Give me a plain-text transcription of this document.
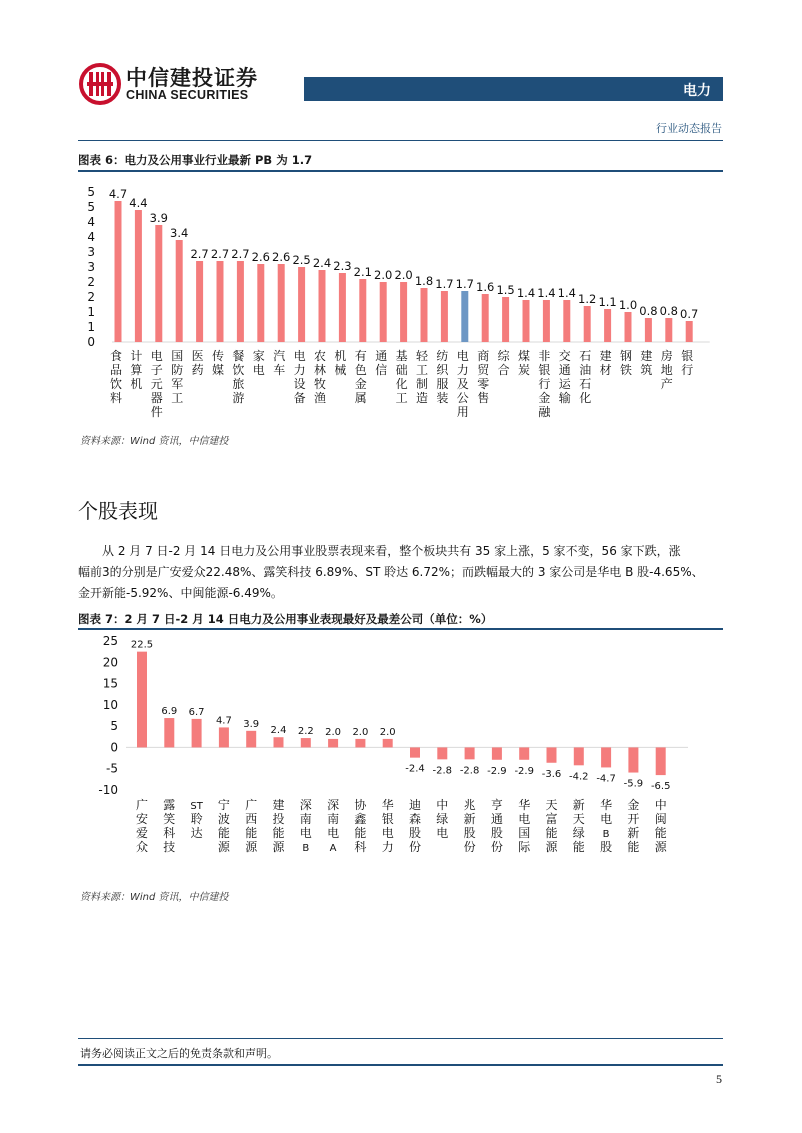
中信建投证券
CHINA SECURITIES	电力
行业动态报告
图表 6：电力及公用事业行业最新 PB 为 1.7
0
1
1
2
2
3
3
4
4
5
5 4.7
食品饮料
4.4
计算机
3.9
电子元器件
3.4
国防军工
2.7
医药
2.7
传媒
2.7
餐饮旅游
2.6
家电
2.6
汽车
2.5
电力设备
2.4
农林牧渔
2.3
机械
2.1
有色金属
2.0
通信
2.0
基础化工
1.8
轻工制造
1.7
纺织服装
1.7
电力及公用
1.6
商贸零售
1.5
综合
1.4
煤炭
1.4
非银行金融
1.4
交通运输
1.2
石油石化
1.1
建材
1.0
钢铁
0.8
建筑
0.8
房地产
0.7
银行
资料来源：Wind 资讯，中信建投
个股表现
从 2 月 7 日-2 月 14 日电力及公用事业股票表现来看，整个板块共有 35 家上涨，5 家不变，56 家下跌，涨
幅前3的分别是广安爱众22.48%、露笑科技 6.89%、ST 聆达 6.72%；而跌幅最大的 3 家公司是华电 B 股-4.65%、
金开新能-5.92%、中闽能源-6.49%。
图表 7：2 月 7 日-2 月 14 日电力及公用事业表现最好及最差公司（单位：%）
-10
-5
0
5
10
15
20
25 22.5
广安爱众
6.9
露笑科技
6.7
ST 聆达
4.7
宁波能源
3.9
广西能源
2.4
建投能源
2.2
深南电 B
2.0
深南电 A
2.0
协鑫能科
2.0
华银电力
-2.4
迪森股份
-2.8
中绿电
-2.8
兆新股份
-2.9
亨通股份
-2.9
华电国际
-3.6
天富能源
-4.2
新天绿能
-4.7
华电 B 股
-5.9
金开新能
-6.5
中闽能源
资料来源：Wind 资讯，中信建投
请务必阅读正文之后的免责条款和声明。
5
